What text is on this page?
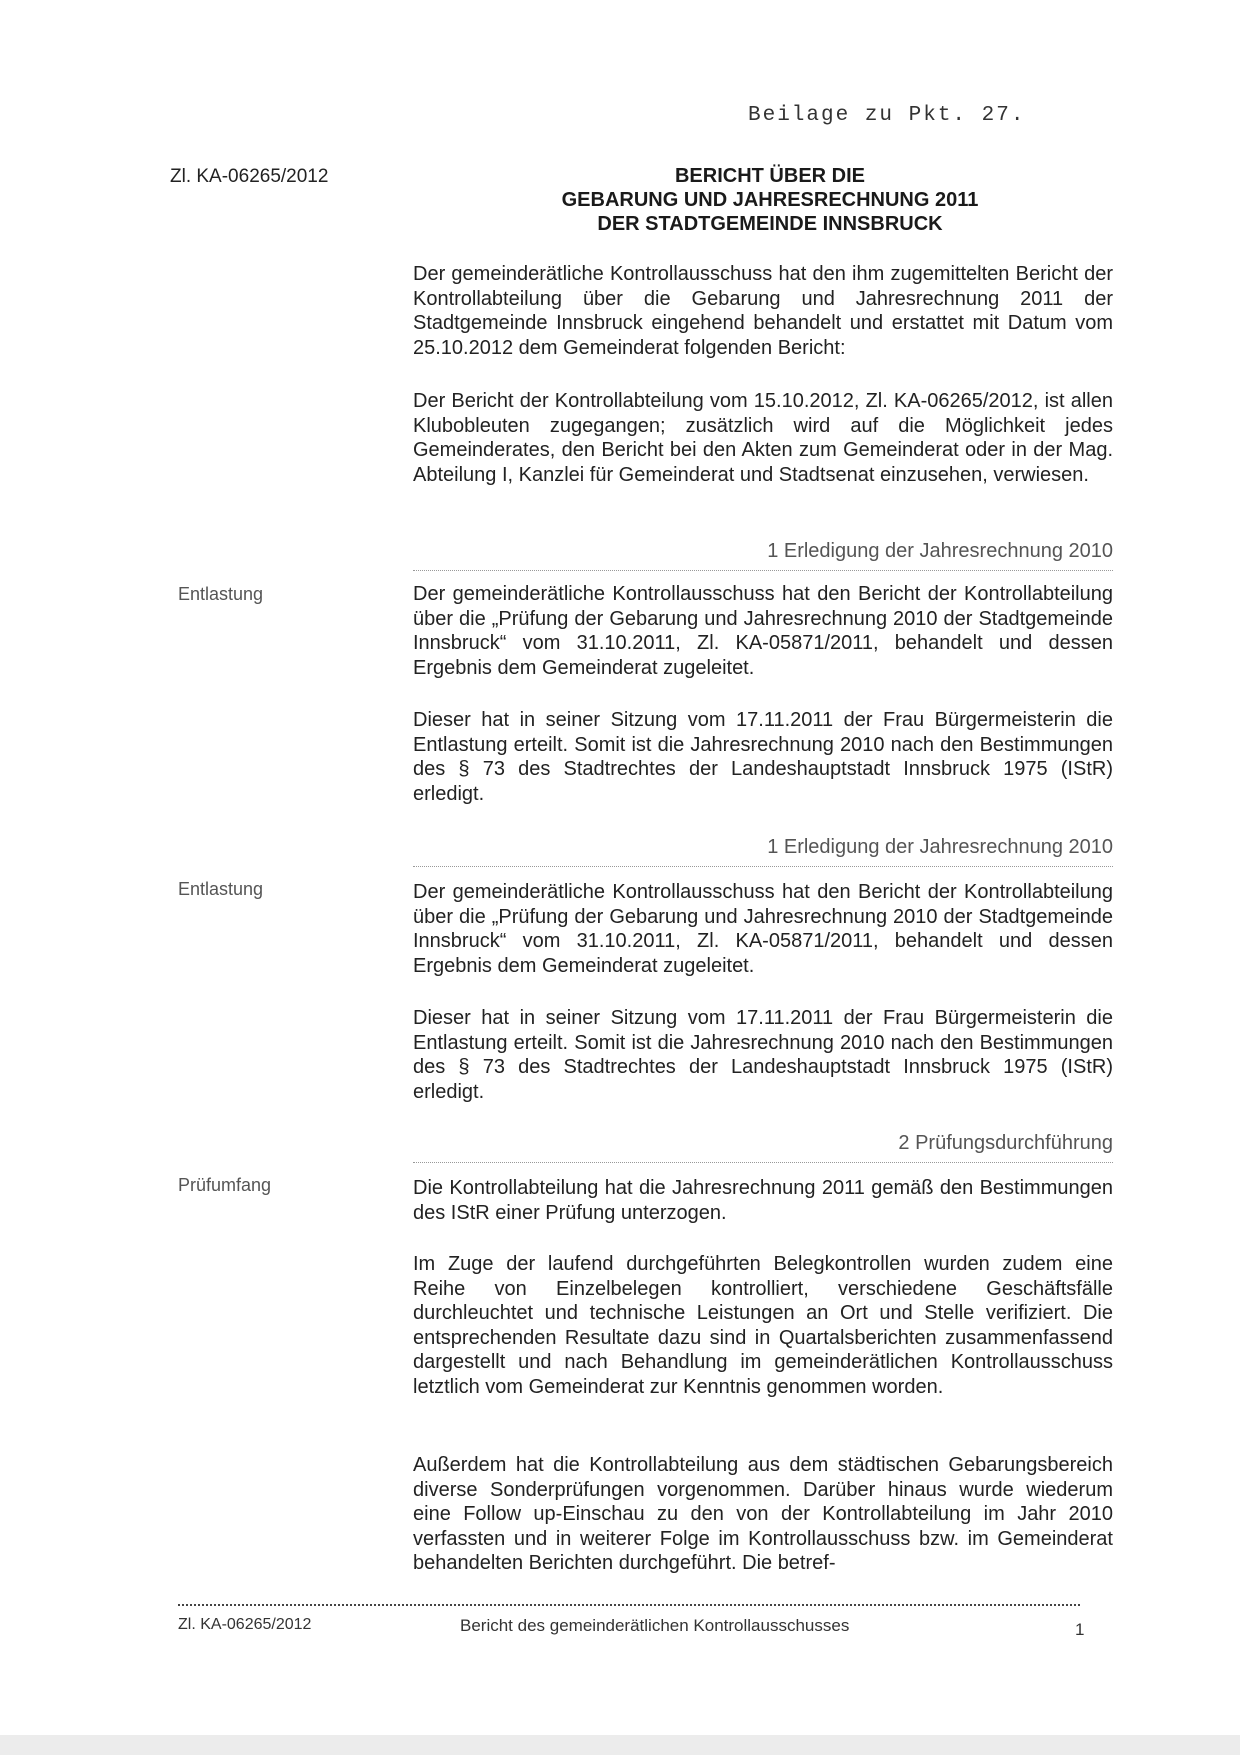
Beilage zu Pkt. 27.
Zl. KA-06265/2012	BERICHT ÜBER DIE
GEBARUNG UND JAHRESRECHNUNG 2011
DER STADTGEMEINDE INNSBRUCK
Der gemeinderätliche Kontrollausschuss hat den ihm zugemittelten Bericht der Kontrollabteilung über die Gebarung und Jahresrechnung 2011 der Stadtgemeinde Innsbruck eingehend behandelt und erstattet mit Datum vom 25.10.2012 dem Gemeinderat folgenden Bericht:
Der Bericht der Kontrollabteilung vom 15.10.2012, Zl. KA-06265/2012, ist allen Klubobleuten zugegangen; zusätzlich wird auf die Möglichkeit jedes Gemeinderates, den Bericht bei den Akten zum Gemeinderat oder in der Mag. Abteilung I, Kanzlei für Gemeinderat und Stadtsenat einzusehen, verwiesen.
1 Erledigung der Jahresrechnung 2010
Entlastung	Der gemeinderätliche Kontrollausschuss hat den Bericht der Kontrollabteilung über die „Prüfung der Gebarung und Jahresrechnung 2010 der Stadtgemeinde Innsbruck“ vom 31.10.2011, Zl. KA-05871/2011, behandelt und dessen Ergebnis dem Gemeinderat zugeleitet.
Dieser hat in seiner Sitzung vom 17.11.2011 der Frau Bürgermeisterin die Entlastung erteilt. Somit ist die Jahresrechnung 2010 nach den Bestimmungen des § 73 des Stadtrechtes der Landeshauptstadt Innsbruck 1975 (IStR) erledigt.
1 Erledigung der Jahresrechnung 2010
Entlastung	Der gemeinderätliche Kontrollausschuss hat den Bericht der Kontrollabteilung über die „Prüfung der Gebarung und Jahresrechnung 2010 der Stadtgemeinde Innsbruck“ vom 31.10.2011, Zl. KA-05871/2011, behandelt und dessen Ergebnis dem Gemeinderat zugeleitet.
Dieser hat in seiner Sitzung vom 17.11.2011 der Frau Bürgermeisterin die Entlastung erteilt. Somit ist die Jahresrechnung 2010 nach den Bestimmungen des § 73 des Stadtrechtes der Landeshauptstadt Innsbruck 1975 (IStR) erledigt.
2 Prüfungsdurchführung
Prüfumfang	Die Kontrollabteilung hat die Jahresrechnung 2011 gemäß den Bestimmungen des IStR einer Prüfung unterzogen.
Im Zuge der laufend durchgeführten Belegkontrollen wurden zudem eine Reihe von Einzelbelegen kontrolliert, verschiedene Geschäftsfälle durchleuchtet und technische Leistungen an Ort und Stelle verifiziert. Die entsprechenden Resultate dazu sind in Quartalsberichten zusammenfassend dargestellt und nach Behandlung im gemeinderätlichen Kontrollausschuss letztlich vom Gemeinderat zur Kenntnis genommen worden.
Außerdem hat die Kontrollabteilung aus dem städtischen Gebarungsbereich diverse Sonderprüfungen vorgenommen. Darüber hinaus wurde wiederum eine Follow up-Einschau zu den von der Kontrollabteilung im Jahr 2010 verfassten und in weiterer Folge im Kontrollausschuss bzw. im Gemeinderat behandelten Berichten durchgeführt. Die betref-
Zl. KA-06265/2012	Bericht des gemeinderätlichen Kontrollausschusses	1
